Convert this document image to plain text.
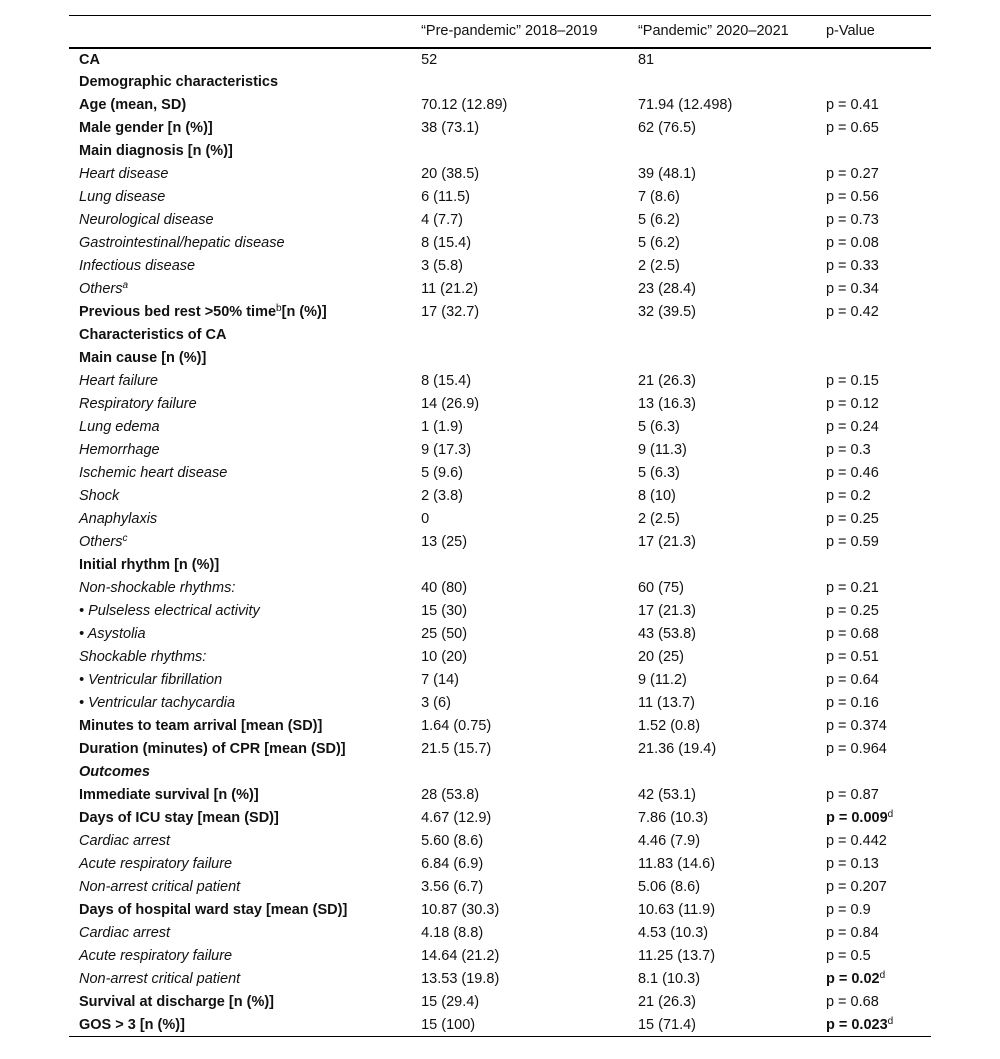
	“Pre-pandemic” 2018–2019	“Pandemic” 2020–2021	p-Value
CA	52	81	
Demographic characteristics			
Age (mean, SD)	70.12 (12.89)	71.94 (12.498)	p = 0.41
Male gender [n (%)]	38 (73.1)	62 (76.5)	p = 0.65
Main diagnosis [n (%)]			
Heart disease	20 (38.5)	39 (48.1)	p = 0.27
Lung disease	6 (11.5)	7 (8.6)	p = 0.56
Neurological disease	4 (7.7)	5 (6.2)	p = 0.73
Gastrointestinal/hepatic disease	8 (15.4)	5 (6.2)	p = 0.08
Infectious disease	3 (5.8)	2 (2.5)	p = 0.33
Others$^a$	11 (21.2)	23 (28.4)	p = 0.34
Previous bed rest >50% time$^b$[n (%)]	17 (32.7)	32 (39.5)	p = 0.42
Characteristics of CA			
Main cause [n (%)]			
Heart failure	8 (15.4)	21 (26.3)	p = 0.15
Respiratory failure	14 (26.9)	13 (16.3)	p = 0.12
Lung edema	1 (1.9)	5 (6.3)	p = 0.24
Hemorrhage	9 (17.3)	9 (11.3)	p = 0.3
Ischemic heart disease	5 (9.6)	5 (6.3)	p = 0.46
Shock	2 (3.8)	8 (10)	p = 0.2
Anaphylaxis	0	2 (2.5)	p = 0.25
Others$^c$	13 (25)	17 (21.3)	p = 0.59
Initial rhythm [n (%)]			
Non-shockable rhythms:	40 (80)	60 (75)	p = 0.21
• Pulseless electrical activity	15 (30)	17 (21.3)	p = 0.25
• Asystolia	25 (50)	43 (53.8)	p = 0.68
Shockable rhythms:	10 (20)	20 (25)	p = 0.51
• Ventricular fibrillation	7 (14)	9 (11.2)	p = 0.64
• Ventricular tachycardia	3 (6)	11 (13.7)	p = 0.16
Minutes to team arrival [mean (SD)]	1.64 (0.75)	1.52 (0.8)	p = 0.374
Duration (minutes) of CPR [mean (SD)]	21.5 (15.7)	21.36 (19.4)	p = 0.964
Outcomes			
Immediate survival [n (%)]	28 (53.8)	42 (53.1)	p = 0.87
Days of ICU stay [mean (SD)]	4.67 (12.9)	7.86 (10.3)	p = 0.009$^d$
Cardiac arrest	5.60 (8.6)	4.46 (7.9)	p = 0.442
Acute respiratory failure	6.84 (6.9)	11.83 (14.6)	p = 0.13
Non-arrest critical patient	3.56 (6.7)	5.06 (8.6)	p = 0.207
Days of hospital ward stay [mean (SD)]	10.87 (30.3)	10.63 (11.9)	p = 0.9
Cardiac arrest	4.18 (8.8)	4.53 (10.3)	p = 0.84
Acute respiratory failure	14.64 (21.2)	11.25 (13.7)	p = 0.5
Non-arrest critical patient	13.53 (19.8)	8.1 (10.3)	p = 0.02$^d$
Survival at discharge [n (%)]	15 (29.4)	21 (26.3)	p = 0.68
GOS > 3 [n (%)]	15 (100)	15 (71.4)	p = 0.023$^d$
